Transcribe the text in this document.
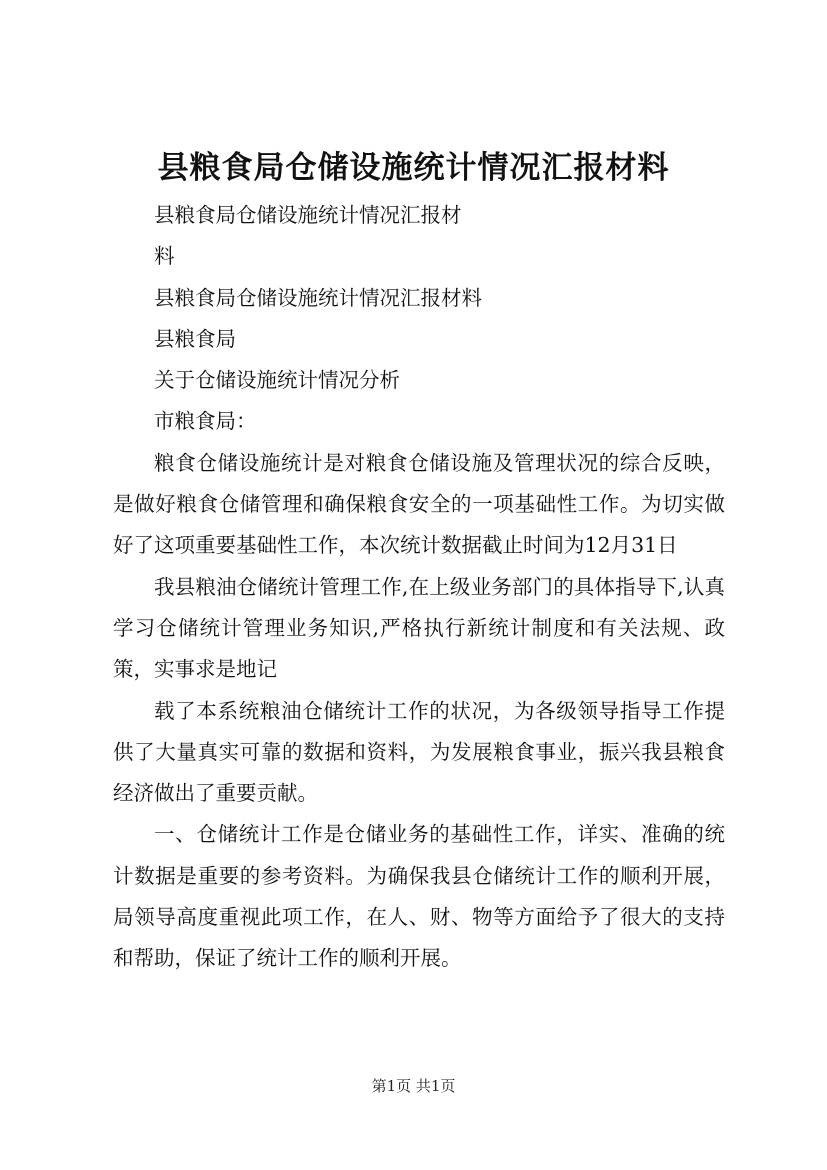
县粮食局仓储设施统计情况汇报材料

县粮食局仓储设施统计情况汇报材

料

县粮食局仓储设施统计情况汇报材料

县粮食局

关于仓储设施统计情况分析

市粮食局：

粮食仓储设施统计是对粮食仓储设施及管理状况的综合反映，是做好粮食仓储管理和确保粮食安全的一项基础性工作。为切实做好了这项重要基础性工作，本次统计数据截止时间为12月31日

我县粮油仓储统计管理工作,在上级业务部门的具体指导下,认真学习仓储统计管理业务知识,严格执行新统计制度和有关法规、政策，实事求是地记

载了本系统粮油仓储统计工作的状况，为各级领导指导工作提供了大量真实可靠的数据和资料，为发展粮食事业，振兴我县粮食经济做出了重要贡献。

一、仓储统计工作是仓储业务的基础性工作，详实、准确的统计数据是重要的参考资料。为确保我县仓储统计工作的顺利开展，局领导高度重视此项工作，在人、财、物等方面给予了很大的支持和帮助，保证了统计工作的顺利开展。

第1页 共1页
